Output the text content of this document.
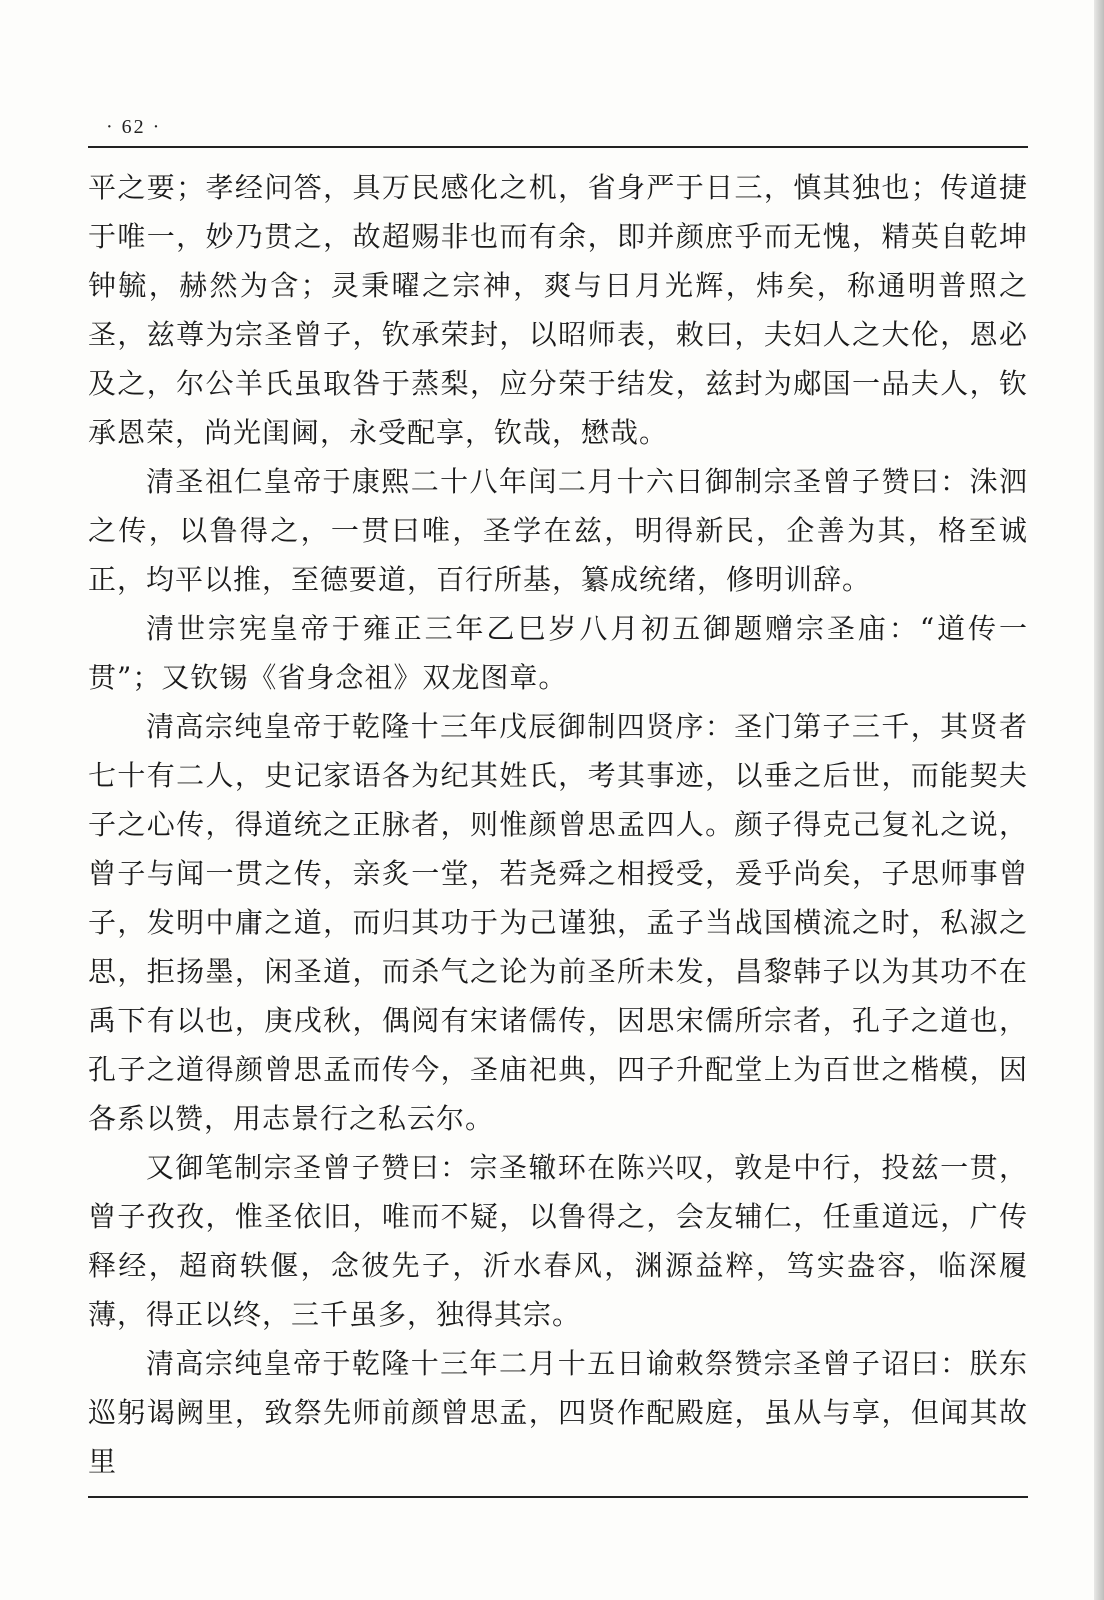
· 62 ·

平之要；孝经问答，具万民感化之机，省身严于日三，慎其独也；传道捷于唯一，妙乃贯之，故超赐非也而有余，即并颜庶乎而无愧，精英自乾坤钟毓，赫然为含；灵秉曜之宗神，爽与日月光辉，炜矣，称通明普照之圣，兹尊为宗圣曾子，钦承荣封，以昭师表，敕曰，夫妇人之大伦，恩必及之，尔公羊氏虽取咎于蒸梨，应分荣于结发，兹封为郕国一品夫人，钦承恩荣，尚光闺阃，永受配享，钦哉，懋哉。

清圣祖仁皇帝于康熙二十八年闰二月十六日御制宗圣曾子赞曰：洙泗之传，以鲁得之，一贯曰唯，圣学在兹，明得新民，企善为其，格至诚正，均平以推，至德要道，百行所基，纂成统绪，修明训辞。

清世宗宪皇帝于雍正三年乙巳岁八月初五御题赠宗圣庙：“道传一贯”；又钦锡《省身念祖》双龙图章。

清高宗纯皇帝于乾隆十三年戊辰御制四贤序：圣门第子三千，其贤者七十有二人，史记家语各为纪其姓氏，考其事迹，以垂之后世，而能契夫子之心传，得道统之正脉者，则惟颜曾思孟四人。颜子得克己复礼之说，曾子与闻一贯之传，亲炙一堂，若尧舜之相授受，爰乎尚矣，子思师事曾子，发明中庸之道，而归其功于为己谨独，孟子当战国横流之时，私淑之思，拒扬墨，闲圣道，而杀气之论为前圣所未发，昌黎韩子以为其功不在禹下有以也，庚戌秋，偶阅有宋诸儒传，因思宋儒所宗者，孔子之道也，孔子之道得颜曾思孟而传今，圣庙祀典，四子升配堂上为百世之楷模，因各系以赞，用志景行之私云尔。

又御笔制宗圣曾子赞曰：宗圣辙环在陈兴叹，敦是中行，投兹一贯，曾子孜孜，惟圣依旧，唯而不疑，以鲁得之，会友辅仁，任重道远，广传释经，超商轶偃，念彼先子，沂水春风，渊源益粹，笃实盎容，临深履薄，得正以终，三千虽多，独得其宗。

清高宗纯皇帝于乾隆十三年二月十五日谕敕祭赞宗圣曾子诏曰：朕东巡躬谒阙里，致祭先师前颜曾思孟，四贤作配殿庭，虽从与享，但闻其故里
